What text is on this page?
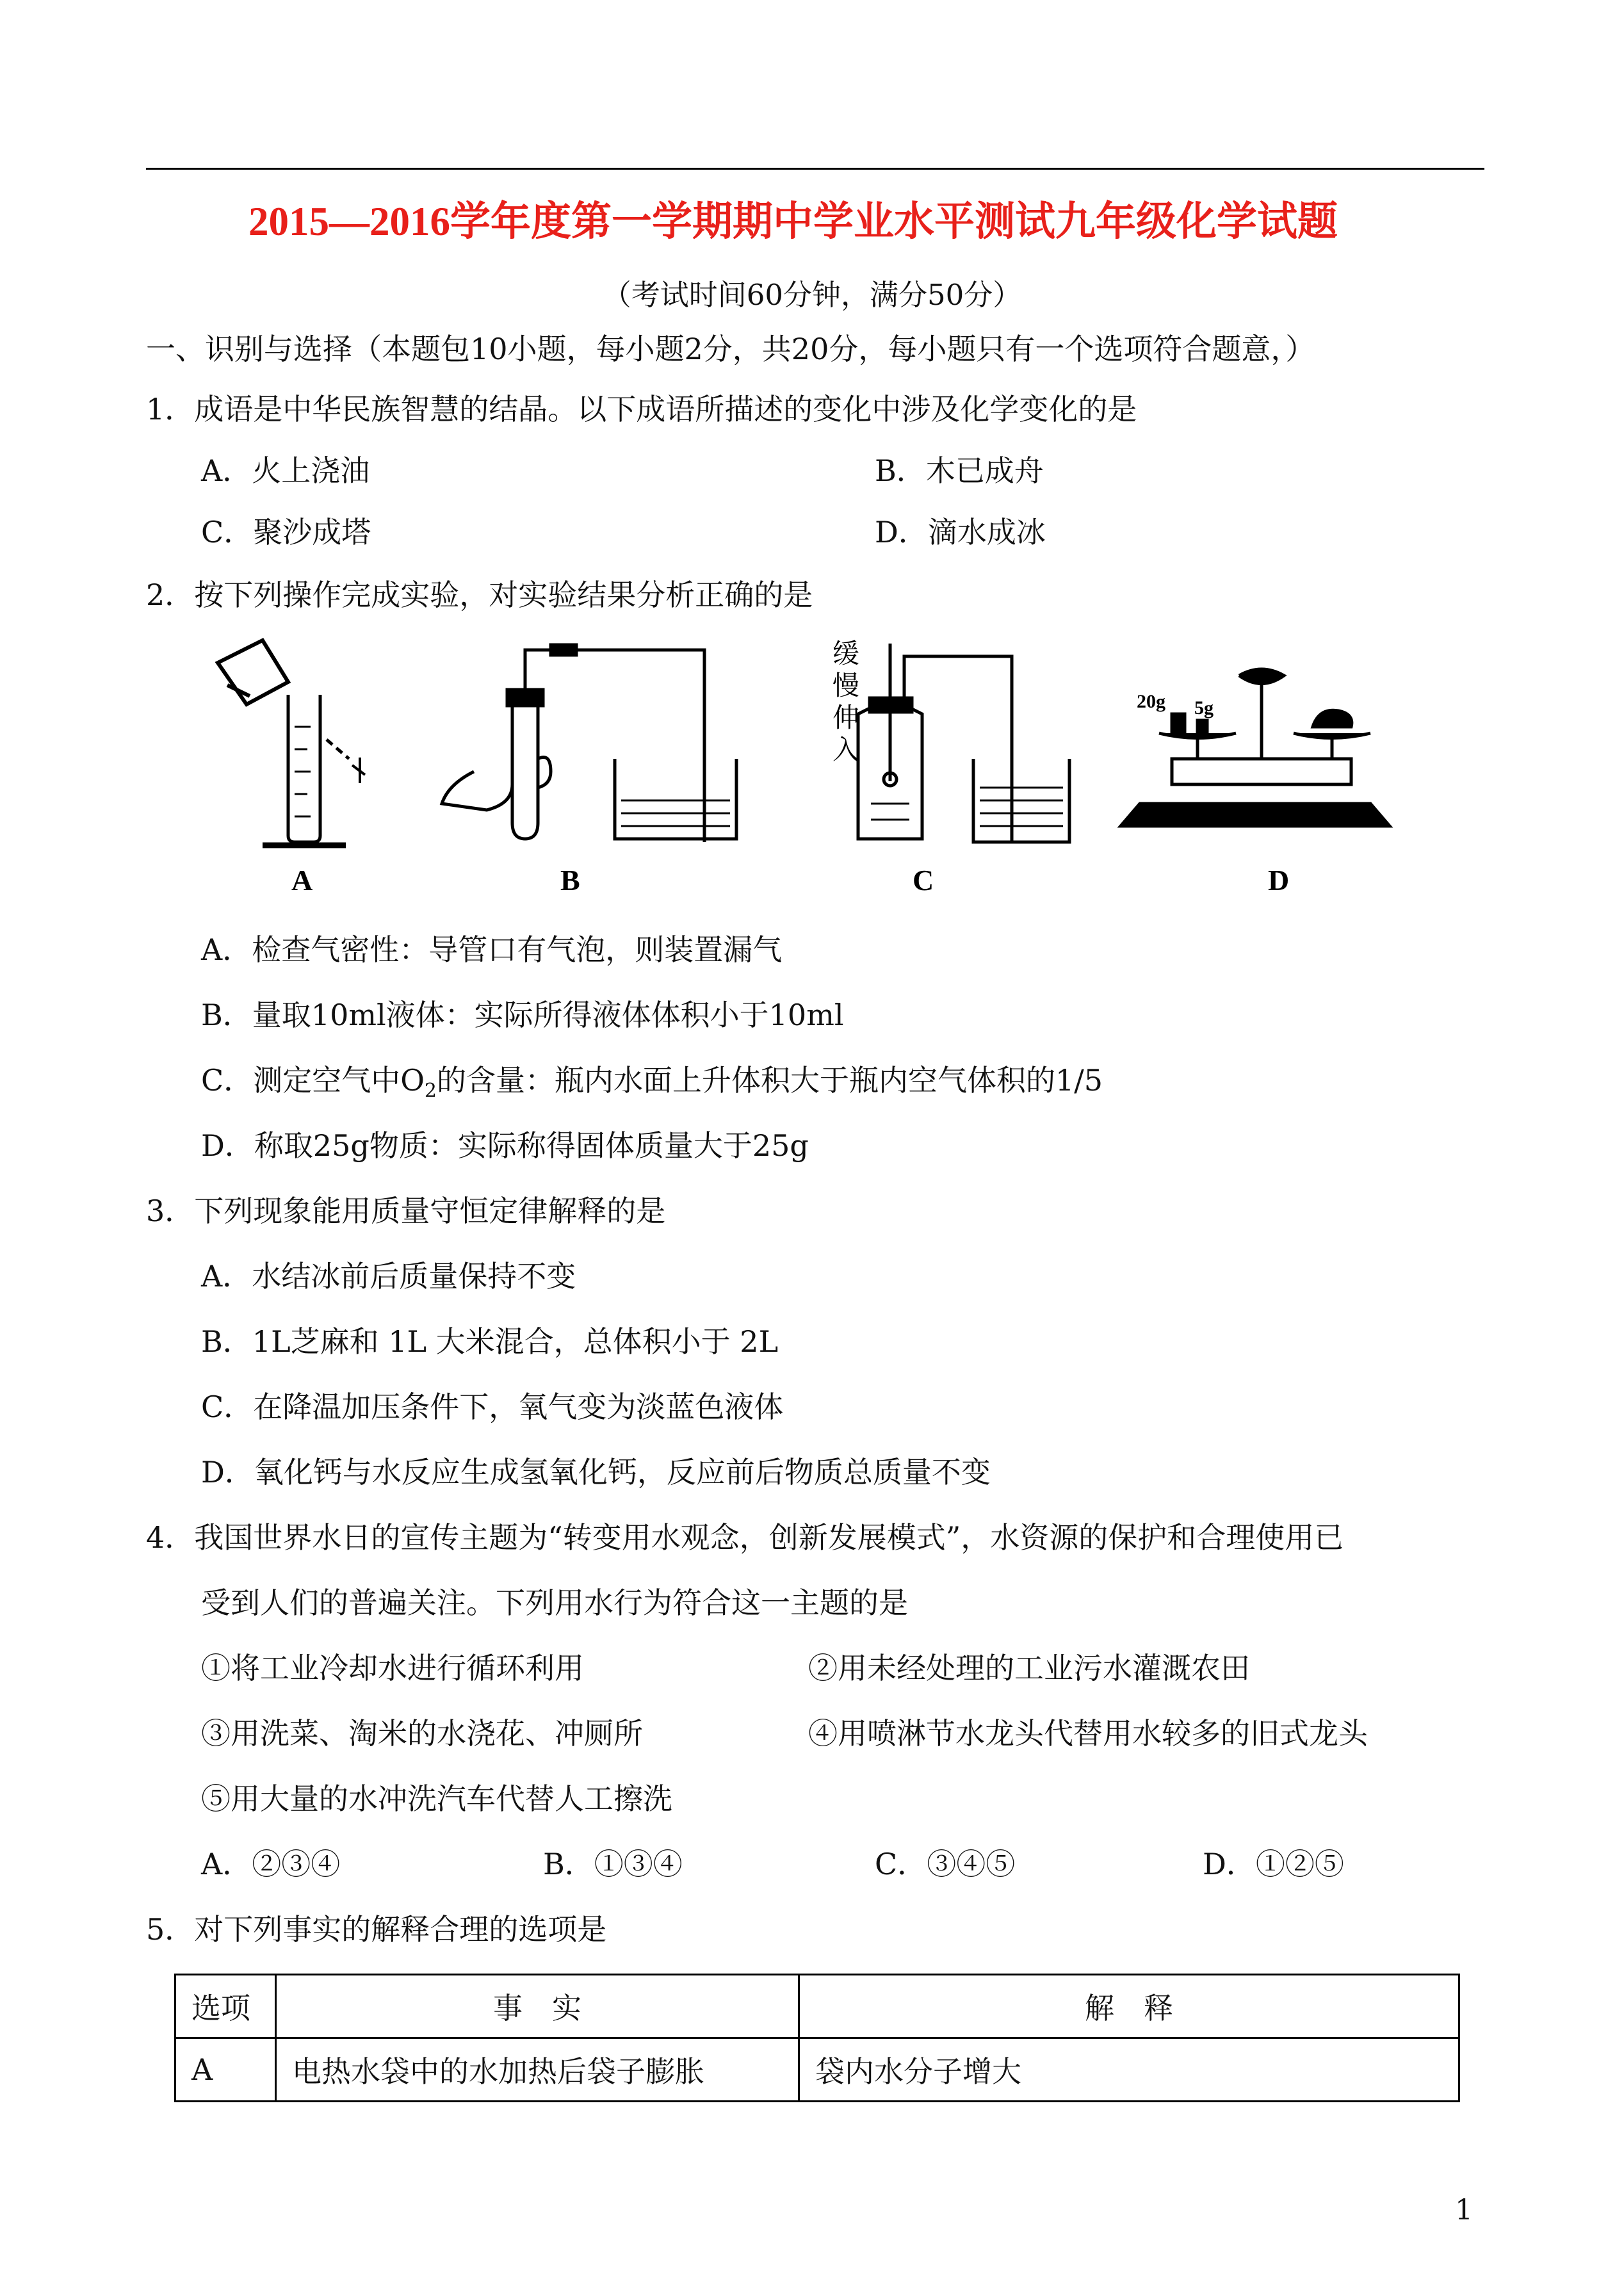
2015—2016学年度第一学期期中学业水平测试九年级化学试题
（考试时间60分钟，满分50分）
一、识别与选择（本题包10小题，每小题2分，共20分，每小题只有一个选项符合题意，）
1．成语是中华民族智慧的结晶。以下成语所描述的变化中涉及化学变化的是
A．火上浇油	B．木已成舟
C．聚沙成塔	D．滴水成冰
2．按下列操作完成实验，对实验结果分析正确的是
缓
慢
伸
入
20g 5g
A	B	C	D
A．检查气密性：导管口有气泡，则装置漏气
B．量取10ml液体：实际所得液体体积小于10ml
C．测定空气中$O_2$的含量：瓶内水面上升体积大于瓶内空气体积的1/5
D．称取25g物质：实际称得固体质量大于25g
3．下列现象能用质量守恒定律解释的是
A．水结冰前后质量保持不变
B．1L芝麻和 1L 大米混合，总体积小于 2L
C．在降温加压条件下，氧气变为淡蓝色液体
D．氧化钙与水反应生成氢氧化钙，反应前后物质总质量不变
4．我国世界水日的宣传主题为“转变用水观念，创新发展模式”，水资源的保护和合理使用已
受到人们的普遍关注。下列用水行为符合这一主题的是
①将工业冷却水进行循环利用	②用未经处理的工业污水灌溉农田
③用洗菜、淘米的水浇花、冲厕所	④用喷淋节水龙头代替用水较多的旧式龙头
⑤用大量的水冲洗汽车代替人工擦洗
A．②③④	B．①③④	C．③④⑤	D．①②⑤
5．对下列事实的解释合理的选项是
选项	事　实	解　释
A	电热水袋中的水加热后袋子膨胀	袋内水分子增大
1
